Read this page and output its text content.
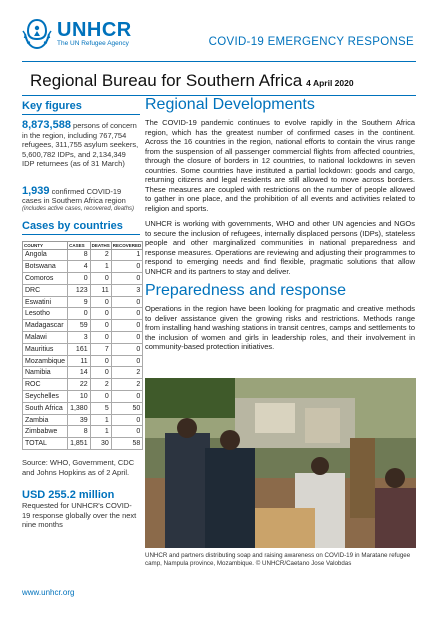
UNHCR
The UN Refugee Agency	COVID-19 EMERGENCY RESPONSE
Regional Bureau for Southern Africa 4 April 2020
Key figures
8,873,588 persons of concern in the region, including 767,754 refugees, 311,755 asylum seekers, 5,600,782 IDPs, and 2,134,349 IDP returnees (as of 31 March)
1,939 confirmed COVID-19 cases in Southern Africa region
(includes active cases, recovered, deaths)
Cases by countries
COUNTY	CASES	DEATHS	RECOVERED
Angola	8	2	1
Botswana	4	1	0
Comoros	0	0	0
DRC	123	11	3
Eswatini	9	0	0
Lesotho	0	0	0
Madagascar	59	0	0
Malawi	3	0	0
Mauritius	161	7	0
Mozambique	11	0	0
Namibia	14	0	2
ROC	22	2	2
Seychelles	10	0	0
South Africa	1,380	5	50
Zambia	39	1	0
Zimbabwe	8	1	0
TOTAL	1,851	30	58
Source: WHO, Government, CDC and Johns Hopkins as of 2 April.
USD 255.2 million
Requested for UNHCR's COVID-19 response globally over the next nine months
Regional Developments

The COVID-19 pandemic continues to evolve rapidly in the Southern Africa region, which has the greatest number of confirmed cases in the continent. Across the 16 countries in the region, national efforts to contain the virus range from the suspension of all passenger commercial flights from affected countries, through the closure of borders in 12 countries, to national lockdowns in seven countries. Some countries have instituted a partial lockdown: goods and cargo, returning citizens and legal residents are still allowed to move across borders. These measures are coupled with restrictions on the number of people allowed to gather in one place, and the prohibition of all events and activities related to religion and sports.

UNHCR is working with governments, WHO and other UN agencies and NGOs to secure the inclusion of refugees, internally displaced persons (IDPs), stateless people and other marginalized communities in national preparedness and response measures. Operations are reviewing and adjusting their programmes to respond to emerging needs and find flexible, pragmatic solutions that allow UNHCR and its partners to stay and deliver.

Preparedness and response

Operations in the region have been looking for pragmatic and creative methods to deliver assistance given the growing risks and restrictions. Methods range from installing hand washing stations in transit centres, camps and settlements to the inclusion of women and girls in leadership roles, and their involvement in community-based protection initiatives.

UNHCR and partners distributing soap and raising awareness on COVID-19 in Maratane refugee camp, Nampula province, Mozambique. © UNHCR/Caetano Jose Valobdas
www.unhcr.org
